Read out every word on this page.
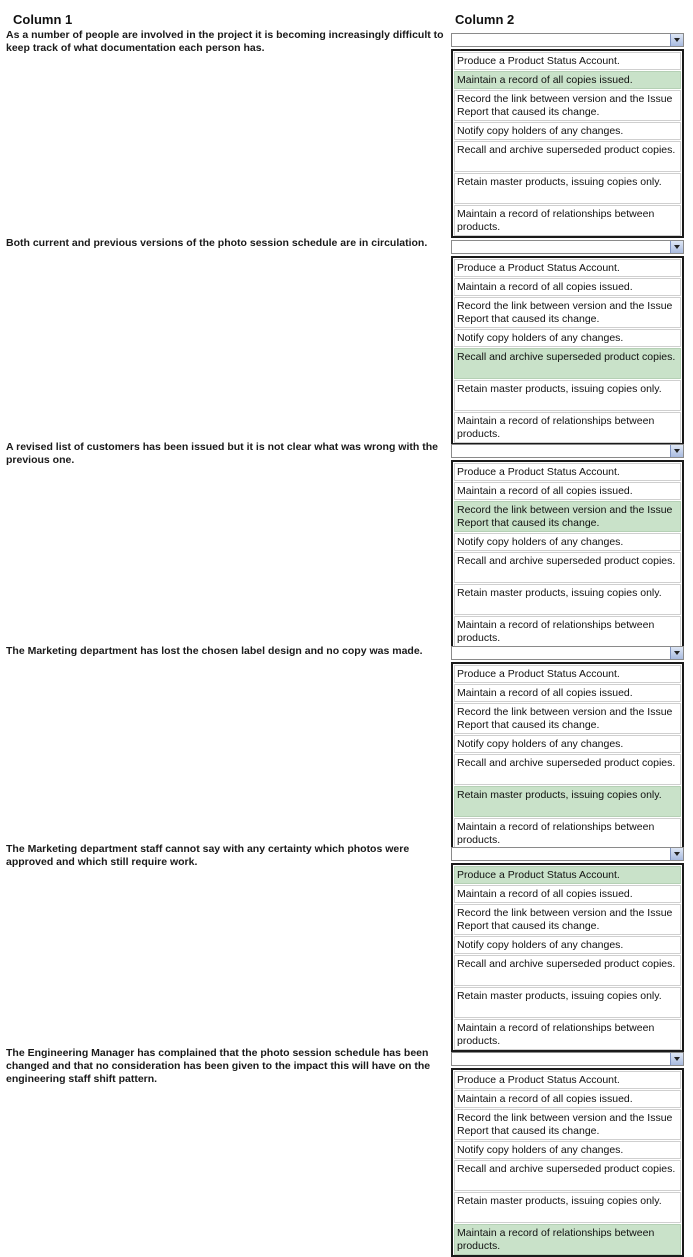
Column 1	Column 2
As a number of people are involved in the project it is becoming increasingly difficult to keep track of what documentation each person has.
Produce a Product Status Account.
Maintain a record of all copies issued.
Record the link between version and the Issue Report that caused its change.
Notify copy holders of any changes.
Recall and archive superseded product copies.
Retain master products, issuing copies only.
Maintain a record of relationships between products.
Both current and previous versions of the photo session schedule are in circulation.
Produce a Product Status Account.
Maintain a record of all copies issued.
Record the link between version and the Issue Report that caused its change.
Notify copy holders of any changes.
Recall and archive superseded product copies.
Retain master products, issuing copies only.
Maintain a record of relationships between products.
A revised list of customers has been issued but it is not clear what was wrong with the previous one.
Produce a Product Status Account.
Maintain a record of all copies issued.
Record the link between version and the Issue Report that caused its change.
Notify copy holders of any changes.
Recall and archive superseded product copies.
Retain master products, issuing copies only.
Maintain a record of relationships between products.
The Marketing department has lost the chosen label design and no copy was made.
Produce a Product Status Account.
Maintain a record of all copies issued.
Record the link between version and the Issue Report that caused its change.
Notify copy holders of any changes.
Recall and archive superseded product copies.
Retain master products, issuing copies only.
Maintain a record of relationships between products.
The Marketing department staff cannot say with any certainty which photos were approved and which still require work.
Produce a Product Status Account.
Maintain a record of all copies issued.
Record the link between version and the Issue Report that caused its change.
Notify copy holders of any changes.
Recall and archive superseded product copies.
Retain master products, issuing copies only.
Maintain a record of relationships between products.
The Engineering Manager has complained that the photo session schedule has been changed and that no consideration has been given to the impact this will have on the engineering staff shift pattern.	Produce a Product Status Account.
Maintain a record of all copies issued.
Record the link between version and the Issue Report that caused its change.
Notify copy holders of any changes.
Recall and archive superseded product copies.
Retain master products, issuing copies only.
Maintain a record of relationships between products.
